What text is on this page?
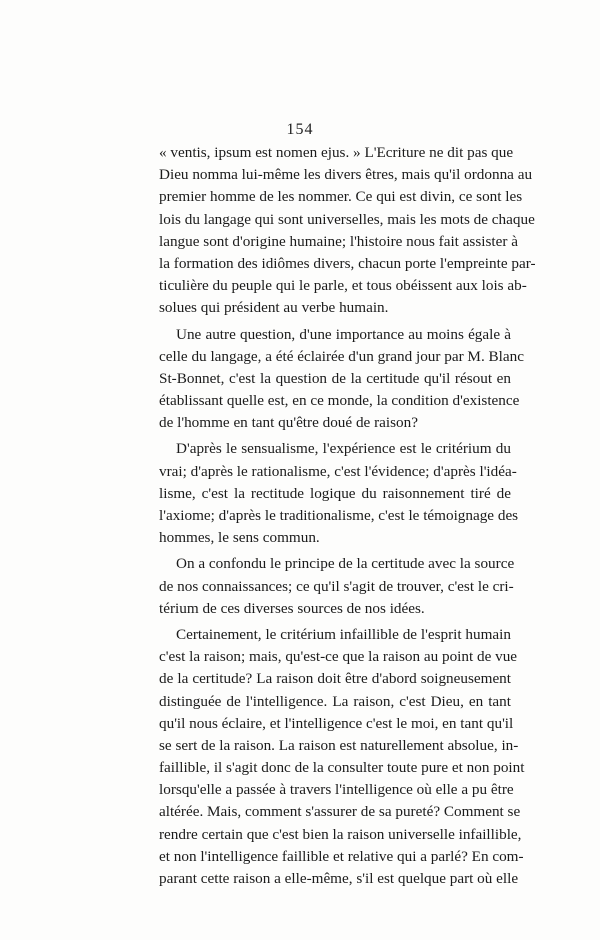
154
« ventis, ipsum est nomen ejus. » L'Ecriture ne dit pas que
Dieu nomma lui-même les divers êtres, mais qu'il ordonna au
premier homme de les nommer. Ce qui est divin, ce sont les
lois du langage qui sont universelles, mais les mots de chaque
langue sont d'origine humaine; l'histoire nous fait assister à
la formation des idiômes divers, chacun porte l'empreinte par-
ticulière du peuple qui le parle, et tous obéissent aux lois ab-
solues qui président au verbe humain.
Une autre question, d'une importance au moins égale à
celle du langage, a été éclairée d'un grand jour par M. Blanc
St-Bonnet, c'est la question de la certitude qu'il résout en
établissant quelle est, en ce monde, la condition d'existence
de l'homme en tant qu'être doué de raison?
D'après le sensualisme, l'expérience est le critérium du
vrai; d'après le rationalisme, c'est l'évidence; d'après l'idéa-
lisme, c'est la rectitude logique du raisonnement tiré de
l'axiome; d'après le traditionalisme, c'est le témoignage des
hommes, le sens commun.
On a confondu le principe de la certitude avec la source
de nos connaissances; ce qu'il s'agit de trouver, c'est le cri-
térium de ces diverses sources de nos idées.
Certainement, le critérium infaillible de l'esprit humain
c'est la raison; mais, qu'est-ce que la raison au point de vue
de la certitude? La raison doit être d'abord soigneusement
distinguée de l'intelligence. La raison, c'est Dieu, en tant
qu'il nous éclaire, et l'intelligence c'est le moi, en tant qu'il
se sert de la raison. La raison est naturellement absolue, in-
faillible, il s'agit donc de la consulter toute pure et non point
lorsqu'elle a passée à travers l'intelligence où elle a pu être
altérée. Mais, comment s'assurer de sa pureté? Comment se
rendre certain que c'est bien la raison universelle infaillible,
et non l'intelligence faillible et relative qui a parlé? En com-
parant cette raison a elle-même, s'il est quelque part où elle
